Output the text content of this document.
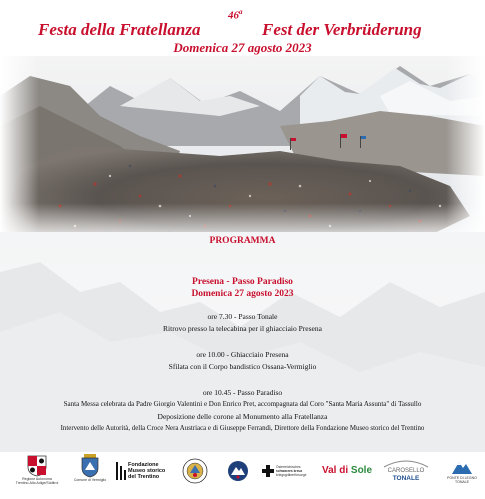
46$^a$
Festa della Fratellanza	Fest der Verbrüderung
Domenica 27 agosto 2023
PROGRAMMA
Presena - Passo Paradiso
Domenica 27 agosto 2023
ore 7.30 - Passo Tonale
Ritrovo presso la telecabina per il ghiacciaio Presena
ore 10.00 - Ghiacciaio Presena
Sfilata con il Corpo bandistico Ossana-Vermiglio
ore 10.45 - Passo Paradiso
Santa Messa celebrata da Padre Giorgio Valentini e Don Enrico Pret, accompagnata dal Coro "Santa Maria Assunta" di Tassullo
Deposizione delle corone al Monumento alla Fratellanza
Intervento delle Autorità, della Croce Nera Austriaca e di Giuseppe Ferrandi, Direttore della Fondazione Museo storico del Trentino
Regione Autonoma
Trentino-Alto Adige/Südtirol
Comune di Vermiglio
Fondazione
Museo storico
del Trentino
Österreichisches
schwarzes kreuz
kriegsgräberfürsorge Val di Sole	CAROSELLO
TONALE	PONTE DI LEGNO
TONALE
